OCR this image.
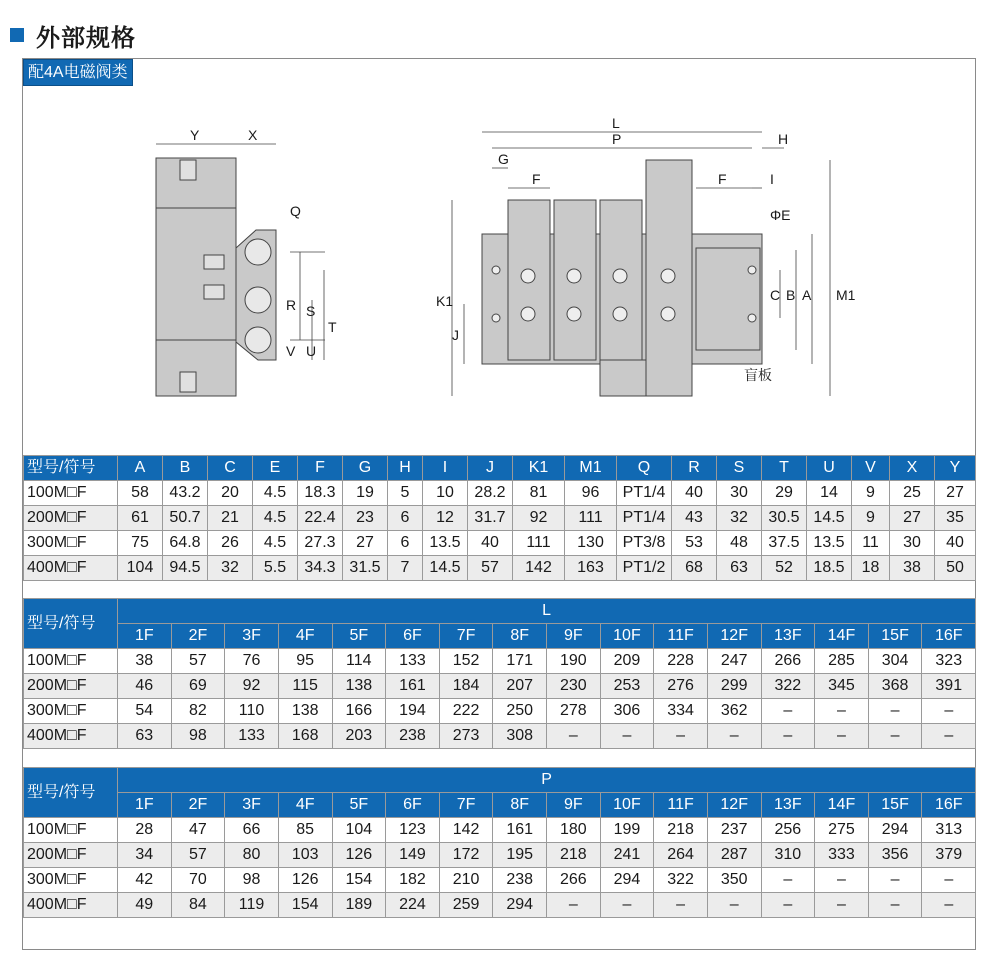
外部规格
配4A电磁阀类
Y	X
Q
R S
T
V U
L
P	H
G
F	F	I
ΦE
K1
J
C B A M1
盲板
型号/符号	A	B	C	E	F	G	H	I	J	K1	M1	Q	R	S	T	U	V	X	Y
100M□F	58	43.2	20	4.5	18.3	19	5	10	28.2	81	96	PT1/4	40	30	29	14	9	25	27
200M□F	61	50.7	21	4.5	22.4	23	6	12	31.7	92	111	PT1/4	43	32	30.5	14.5	9	27	35
300M□F	75	64.8	26	4.5	27.3	27	6	13.5	40	111	130	PT3/8	53	48	37.5	13.5	11	30	40
400M□F	104	94.5	32	5.5	34.3	31.5	7	14.5	57	142	163	PT1/2	68	63	52	18.5	18	38	50
型号/符号	L															
	1F	2F	3F	4F	5F	6F	7F	8F	9F	10F	11F	12F	13F	14F	15F	16F
100M□F	38	57	76	95	114	133	152	171	190	209	228	247	266	285	304	323
200M□F	46	69	92	115	138	161	184	207	230	253	276	299	322	345	368	391
300M□F	54	82	110	138	166	194	222	250	278	306	334	362	–	–	–	–
400M□F	63	98	133	168	203	238	273	308	–	–	–	–	–	–	–	–
型号/符号	P															
	1F	2F	3F	4F	5F	6F	7F	8F	9F	10F	11F	12F	13F	14F	15F	16F
100M□F	28	47	66	85	104	123	142	161	180	199	218	237	256	275	294	313
200M□F	34	57	80	103	126	149	172	195	218	241	264	287	310	333	356	379
300M□F	42	70	98	126	154	182	210	238	266	294	322	350	–	–	–	–
400M□F	49	84	119	154	189	224	259	294	–	–	–	–	–	–	–	–
